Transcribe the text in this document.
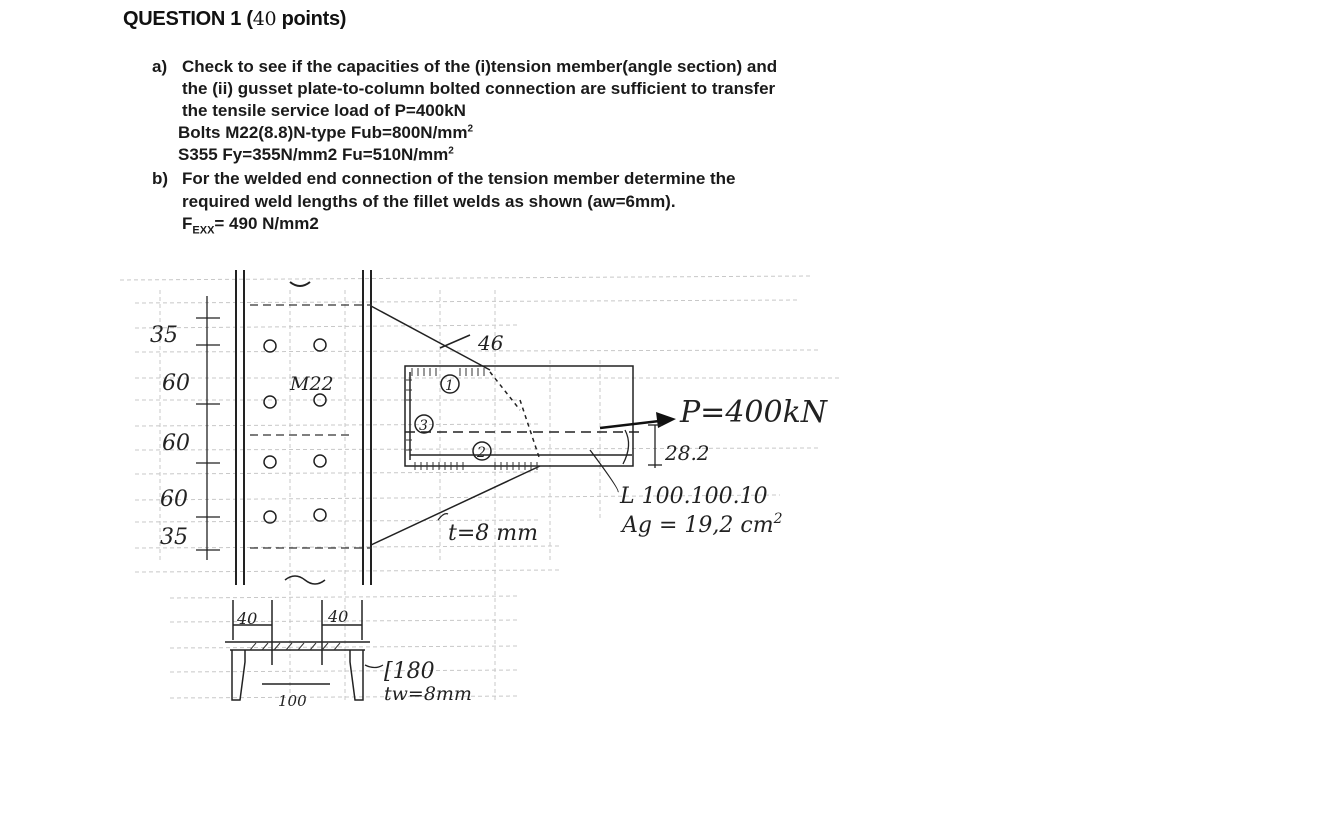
QUESTION 1 (40 points)
a) Check to see if the capacities of the (i)tension member(angle section) and
the (ii) gusset plate-to-column bolted connection are sufficient to transfer
the tensile service load of P=400kN
Bolts M22(8.8)N-type $Fub=800N/mm^2$
S355 Fy=355N/mm2 $Fu=510N/mm^2$
b) For the welded end connection of the tension member determine the
required weld lengths of the fillet welds as shown (aw=6mm).
$F_{EXX}= 490$ N/mm2
1
3
2
M22
35
60
60
60
35
46
P=400kN
28.2
L 100.100.10
Ag = 19,2 $cm^2$
t=8 mm
40	40
100
[180
tw=8mm
